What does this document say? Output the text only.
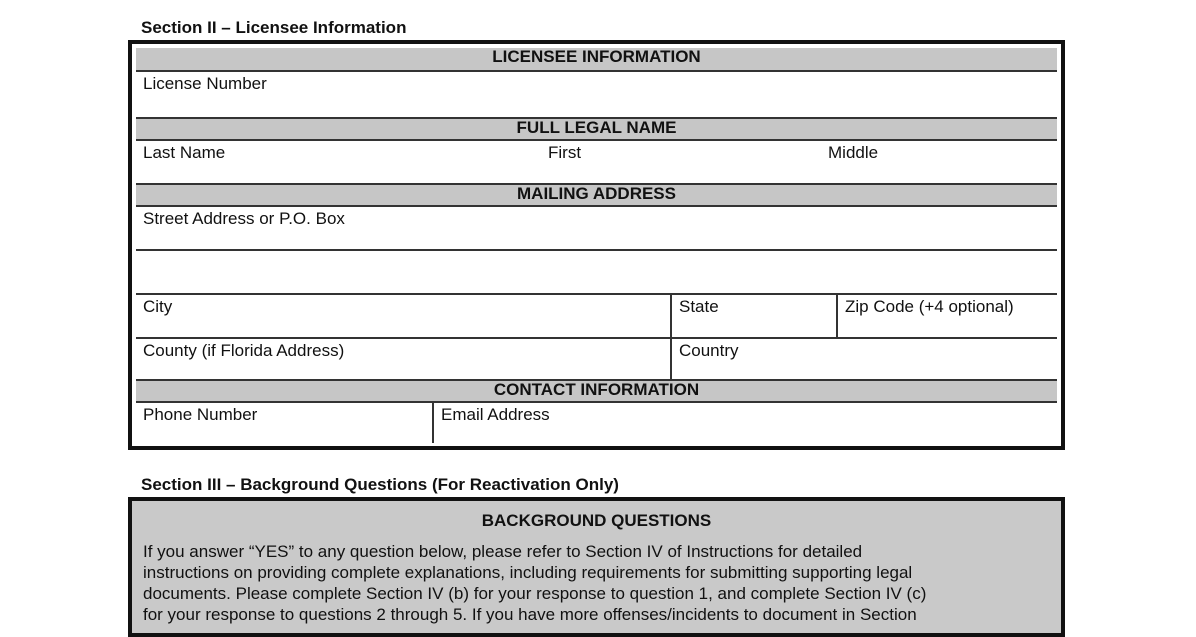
Section II – Licensee Information
LICENSEE INFORMATION
License Number
FULL LEGAL NAME
Last Name	First	Middle
MAILING ADDRESS
Street Address or P.O. Box
City	State	Zip Code (+4 optional)
County (if Florida Address)	Country
CONTACT INFORMATION
Phone Number	Email Address
Section III – Background Questions (For Reactivation Only)
BACKGROUND QUESTIONS
If you answer “YES” to any question below, please refer to Section IV of Instructions for detailed
instructions on providing complete explanations, including requirements for submitting supporting legal
documents. Please complete Section IV (b) for your response to question 1, and complete Section IV (c)
for your response to questions 2 through 5. If you have more offenses/incidents to document in Section
